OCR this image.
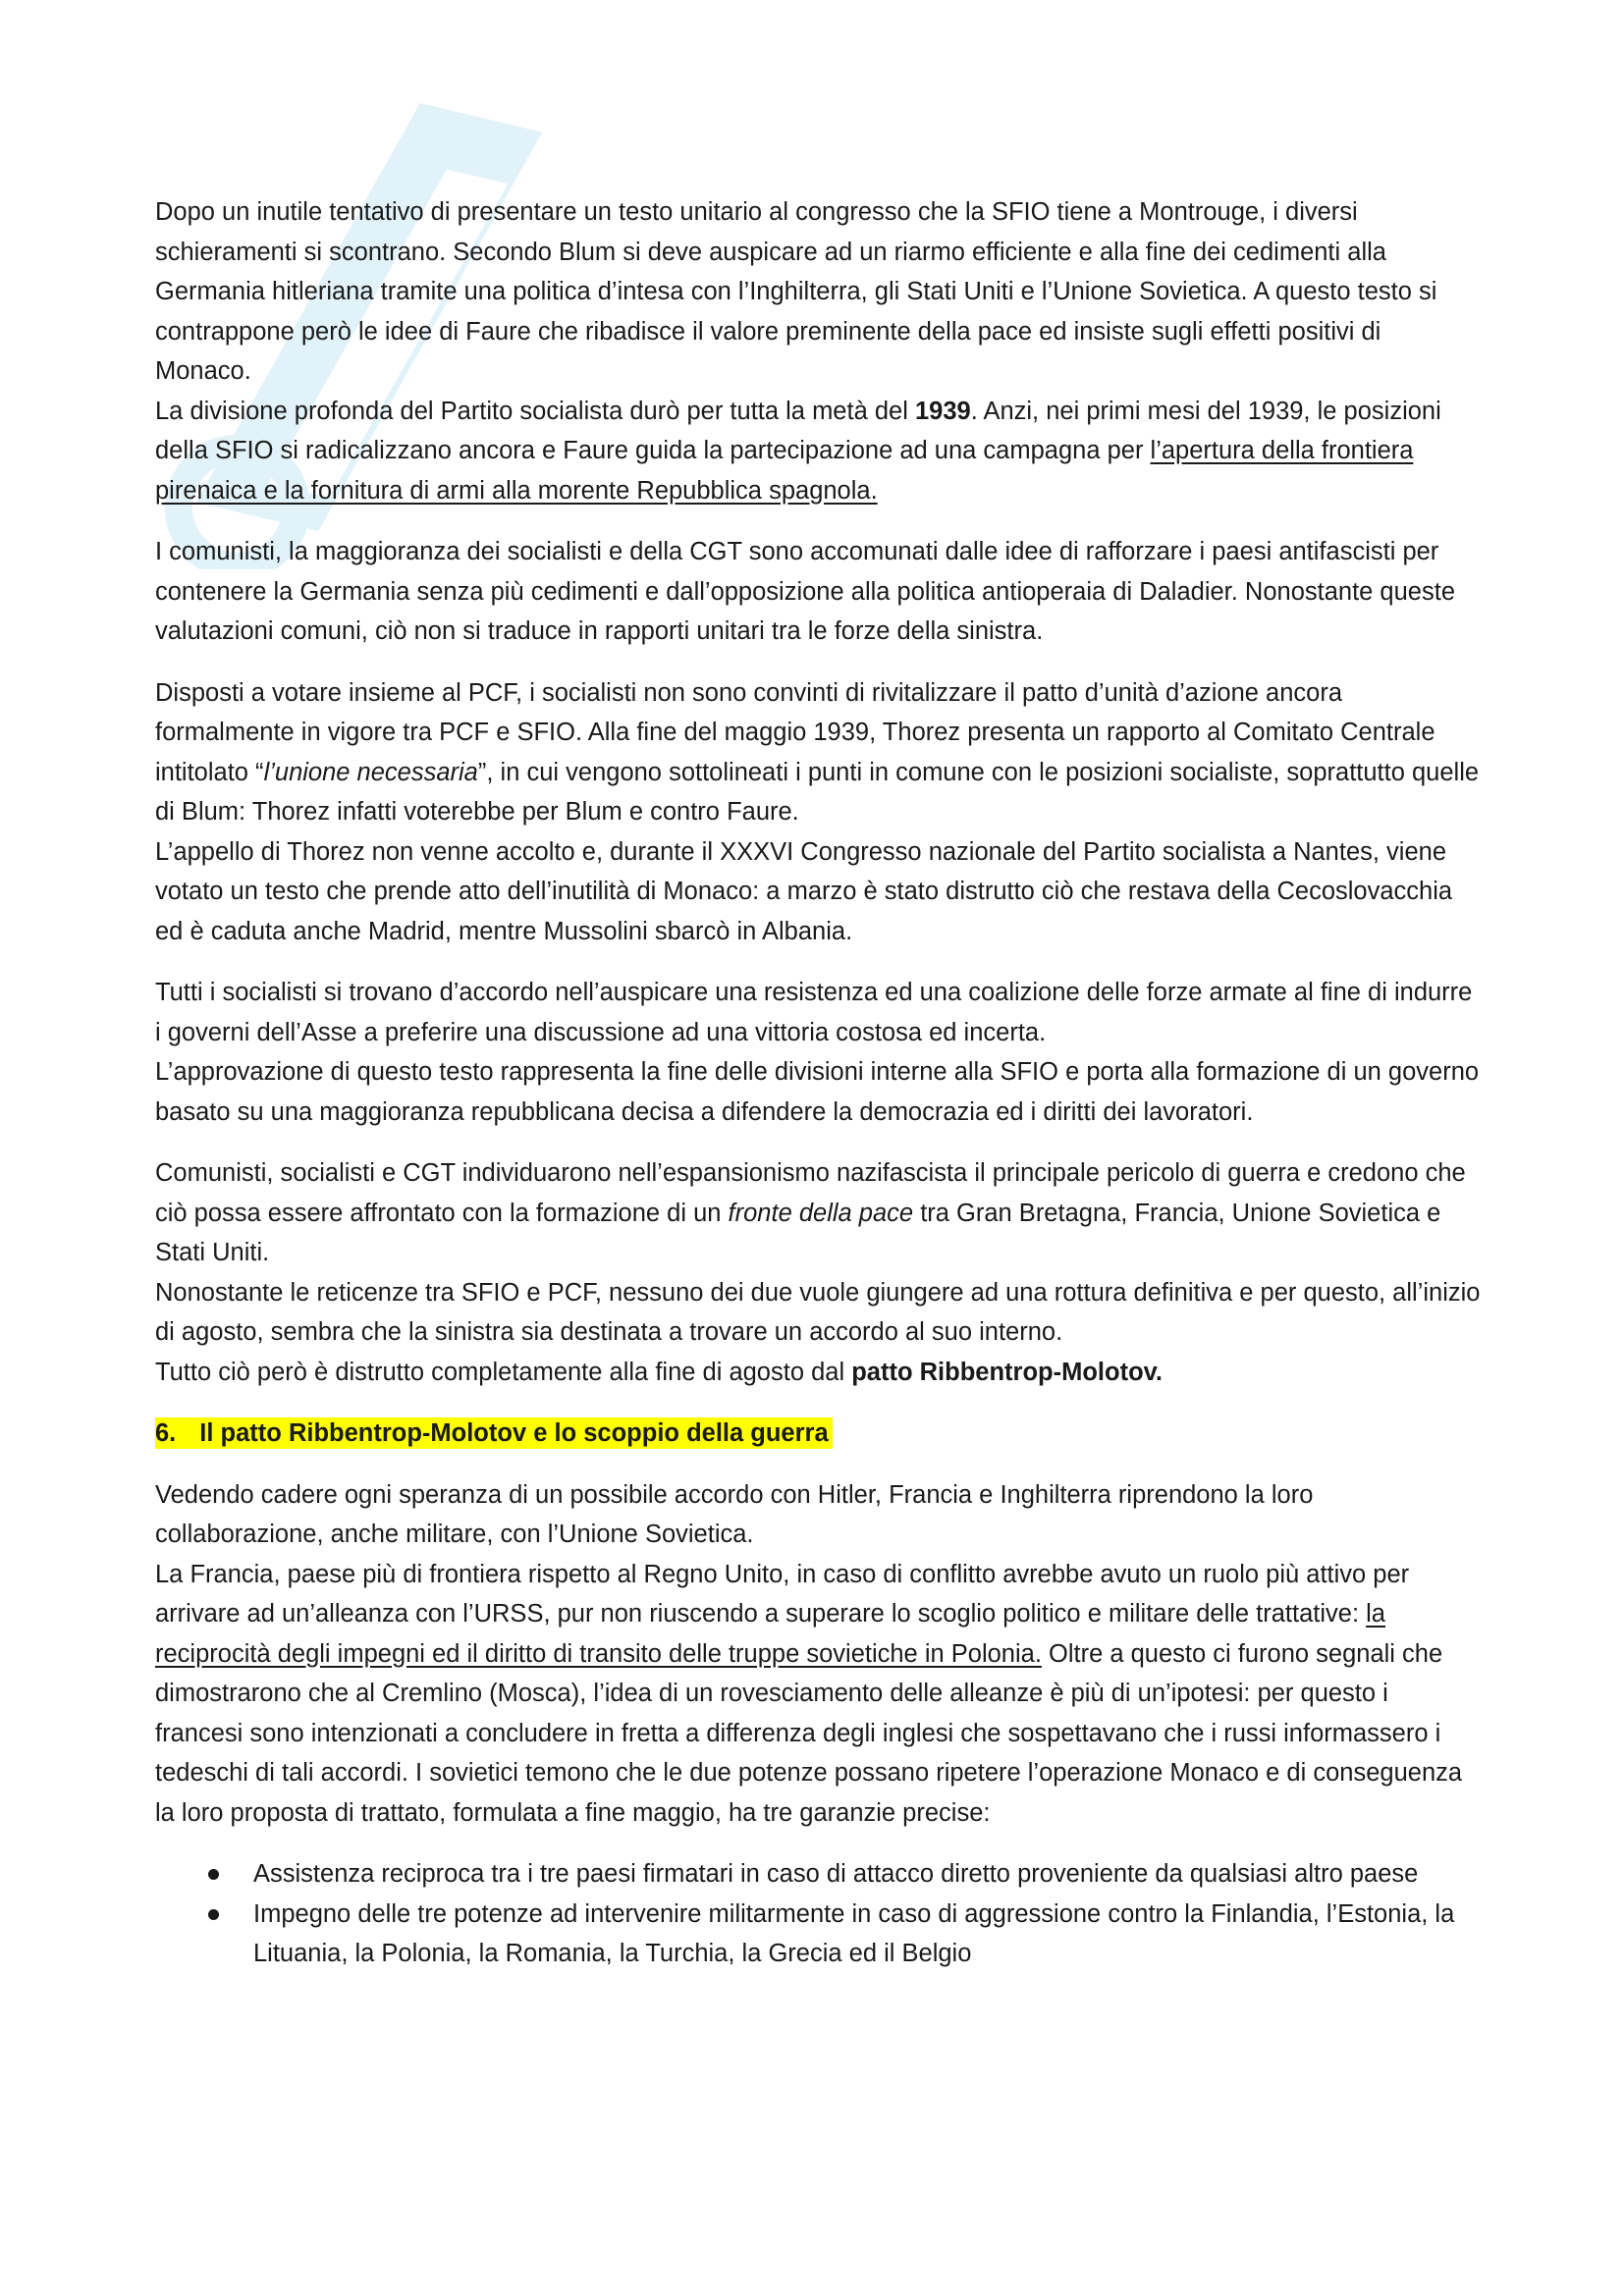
Dopo un inutile tentativo di presentare un testo unitario al congresso che la SFIO tiene a Montrouge, i diversi schieramenti si scontrano. Secondo Blum si deve auspicare ad un riarmo efficiente e alla fine dei cedimenti alla Germania hitleriana tramite una politica d’intesa con l’Inghilterra, gli Stati Uniti e l’Unione Sovietica. A questo testo si contrappone però le idee di Faure che ribadisce il valore preminente della pace ed insiste sugli effetti positivi di Monaco.
La divisione profonda del Partito socialista durò per tutta la metà del 1939. Anzi, nei primi mesi del 1939, le posizioni della SFIO si radicalizzano ancora e Faure guida la partecipazione ad una campagna per l’apertura della frontiera pirenaica e la fornitura di armi alla morente Repubblica spagnola.

I comunisti, la maggioranza dei socialisti e della CGT sono accomunati dalle idee di rafforzare i paesi antifascisti per contenere la Germania senza più cedimenti e dall’opposizione alla politica antioperaia di Daladier. Nonostante queste valutazioni comuni, ciò non si traduce in rapporti unitari tra le forze della sinistra.

Disposti a votare insieme al PCF, i socialisti non sono convinti di rivitalizzare il patto d’unità d’azione ancora formalmente in vigore tra PCF e SFIO. Alla fine del maggio 1939, Thorez presenta un rapporto al Comitato Centrale intitolato “l’unione necessaria”, in cui vengono sottolineati i punti in comune con le posizioni socialiste, soprattutto quelle di Blum: Thorez infatti voterebbe per Blum e contro Faure.
L’appello di Thorez non venne accolto e, durante il XXXVI Congresso nazionale del Partito socialista a Nantes, viene votato un testo che prende atto dell’inutilità di Monaco: a marzo è stato distrutto ciò che restava della Cecoslovacchia ed è caduta anche Madrid, mentre Mussolini sbarcò in Albania.

Tutti i socialisti si trovano d’accordo nell’auspicare una resistenza ed una coalizione delle forze armate al fine di indurre i governi dell’Asse a preferire una discussione ad una vittoria costosa ed incerta.
L’approvazione di questo testo rappresenta la fine delle divisioni interne alla SFIO e porta alla formazione di un governo basato su una maggioranza repubblicana decisa a difendere la democrazia ed i diritti dei lavoratori.

Comunisti, socialisti e CGT individuarono nell’espansionismo nazifascista il principale pericolo di guerra e credono che ciò possa essere affrontato con la formazione di un fronte della pace tra Gran Bretagna, Francia, Unione Sovietica e Stati Uniti.
Nonostante le reticenze tra SFIO e PCF, nessuno dei due vuole giungere ad una rottura definitiva e per questo, all’inizio di agosto, sembra che la sinistra sia destinata a trovare un accordo al suo interno.
Tutto ciò però è distrutto completamente alla fine di agosto dal patto Ribbentrop-Molotov.

6. Il patto Ribbentrop-Molotov e lo scoppio della guerra

Vedendo cadere ogni speranza di un possibile accordo con Hitler, Francia e Inghilterra riprendono la loro collaborazione, anche militare, con l’Unione Sovietica.
La Francia, paese più di frontiera rispetto al Regno Unito, in caso di conflitto avrebbe avuto un ruolo più attivo per arrivare ad un’alleanza con l’URSS, pur non riuscendo a superare lo scoglio politico e militare delle trattative: la reciprocità degli impegni ed il diritto di transito delle truppe sovietiche in Polonia. Oltre a questo ci furono segnali che dimostrarono che al Cremlino (Mosca), l’idea di un rovesciamento delle alleanze è più di un’ipotesi: per questo i francesi sono intenzionati a concludere in fretta a differenza degli inglesi che sospettavano che i russi informassero i tedeschi di tali accordi. I sovietici temono che le due potenze possano ripetere l’operazione Monaco e di conseguenza la loro proposta di trattato, formulata a fine maggio, ha tre garanzie precise:

Assistenza reciproca tra i tre paesi firmatari in caso di attacco diretto proveniente da qualsiasi altro paese
Impegno delle tre potenze ad intervenire militarmente in caso di aggressione contro la Finlandia, l’Estonia, la Lituania, la Polonia, la Romania, la Turchia, la Grecia ed il Belgio
